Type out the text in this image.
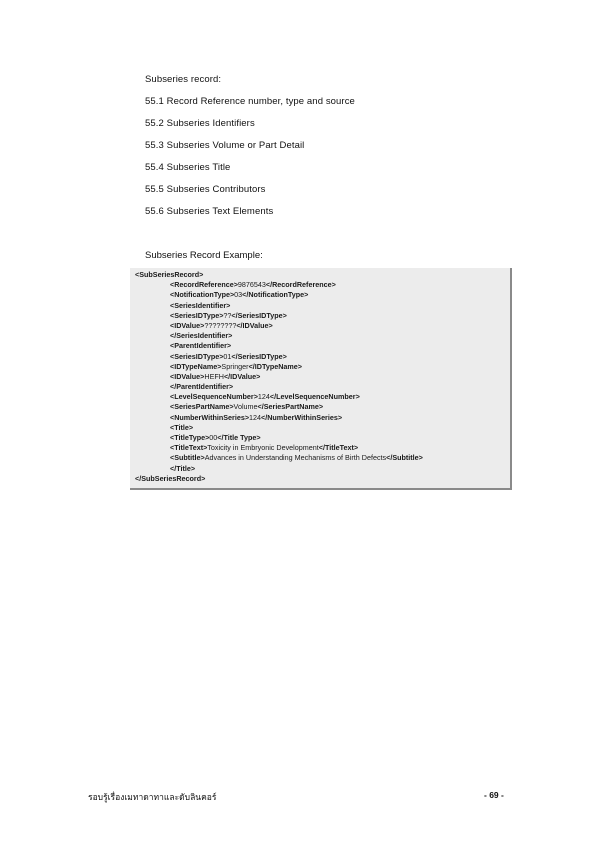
Subseries record:
55.1 Record Reference number, type and source
55.2 Subseries Identifiers
55.3 Subseries Volume or Part Detail
55.4 Subseries Title
55.5 Subseries Contributors
55.6 Subseries Text Elements
Subseries Record Example:
<SubSeriesRecord>
<RecordReference>9876543</RecordReference>
<NotificationType>03</NotificationType>
<SeriesIdentifier>
<SeriesIDType>??</SeriesIDType>
<IDValue>????????</IDValue>
</SeriesIdentifier>
<ParentIdentifier>
<SeriesIDType>01</SeriesIDType>
<IDTypeName>Springer</IDTypeName>
<IDValue>HEFH</IDValue>
</ParentIdentifier>
<LevelSequenceNumber>124</LevelSequenceNumber>
<SeriesPartName>Volume</SeriesPartName>
<NumberWithinSeries>124</NumberWithinSeries>
<Title>
<TitleType>00</Title Type>
<TitleText>Toxicity in Embryonic Development</TitleText>
<Subtitle>Advances in Understanding Mechanisms of Birth Defects</Subtitle>
</Title>
</SubSeriesRecord>
รอบรู้เรื่องเมทาดาทาและดับลินคอร์	- 69 -
